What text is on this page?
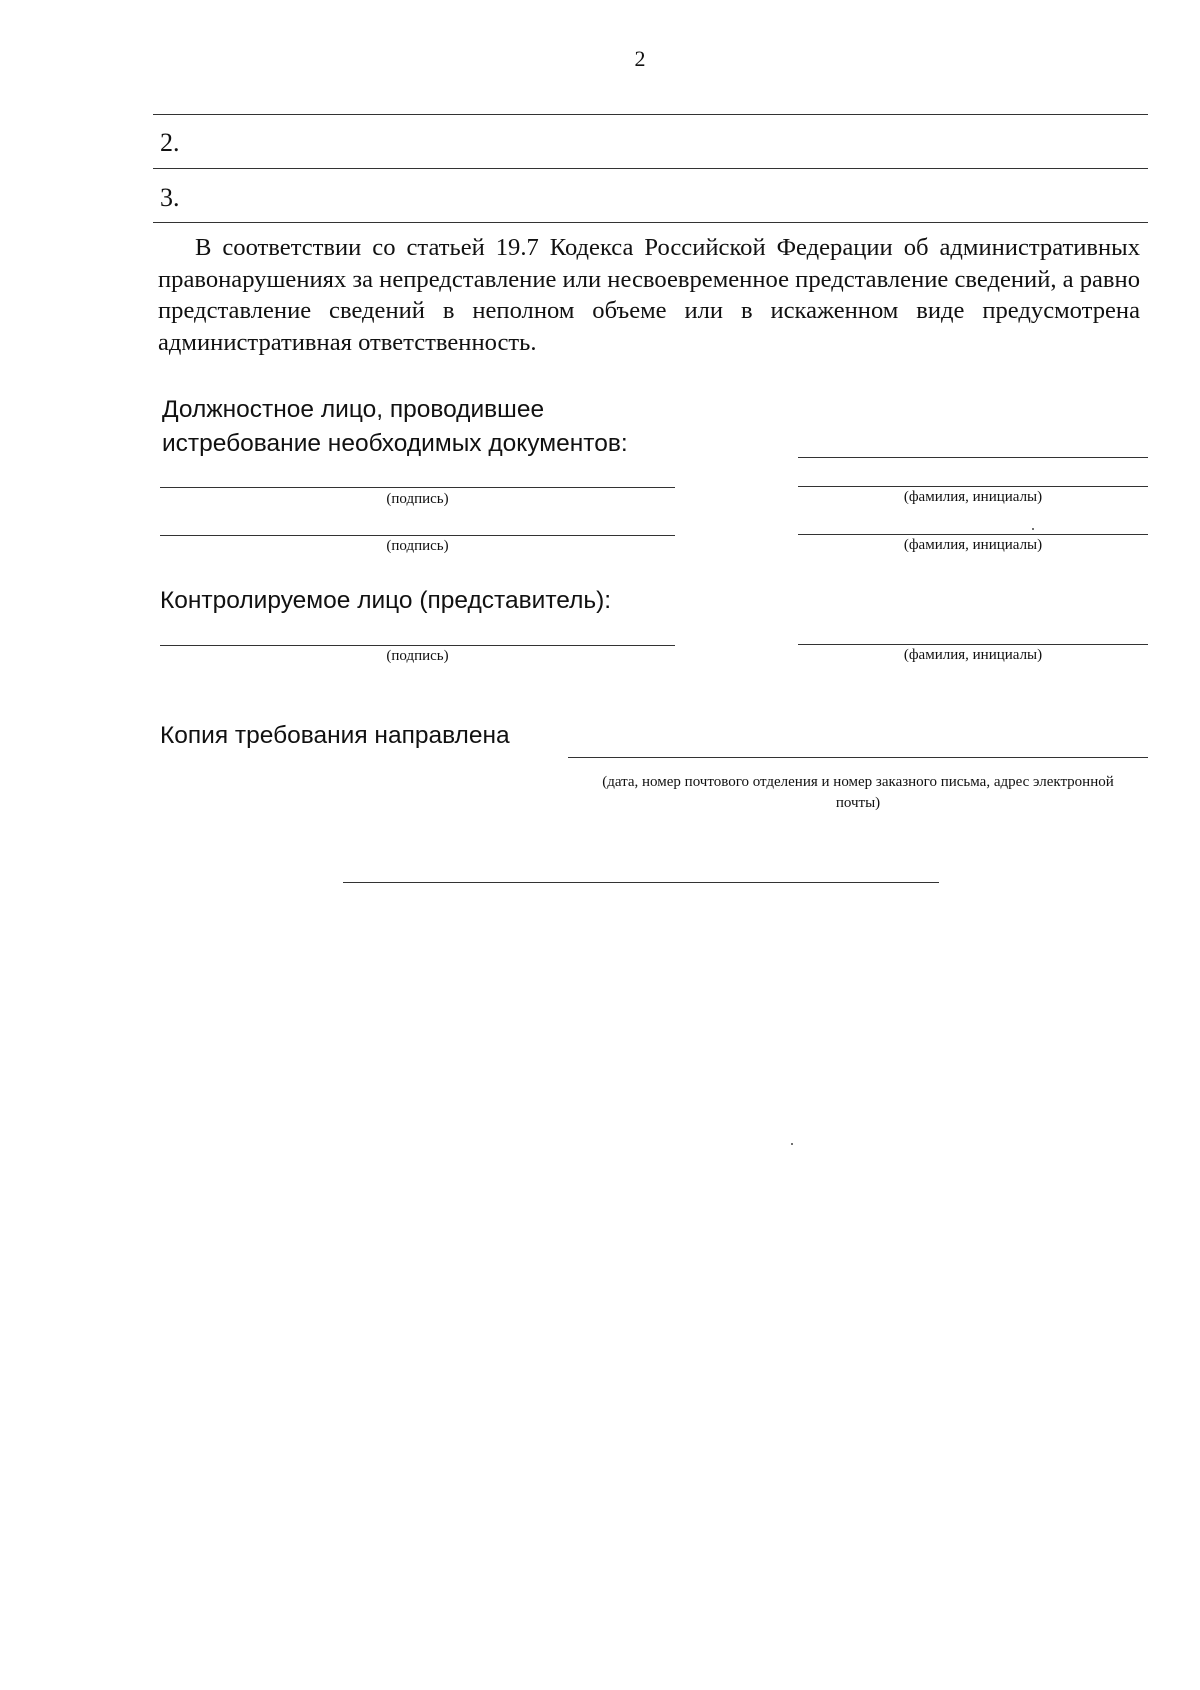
2
2.
3.

В соответствии со статьей 19.7 Кодекса Российской Федерации об административных правонарушениях за непредставление или несвоевременное представление сведений, а равно представление сведений в неполном объеме или в искаженном виде предусмотрена административная ответственность.

Должностное лицо, проводившее
истребование необходимых документов:
(подпись)	(фамилия, инициалы)
(подпись)	(фамилия, инициалы)
Контролируемое лицо (представитель):
(подпись)	(фамилия, инициалы)
Копия требования направлена
(дата, номер почтового отделения и номер заказного письма, адрес электронной почты)
